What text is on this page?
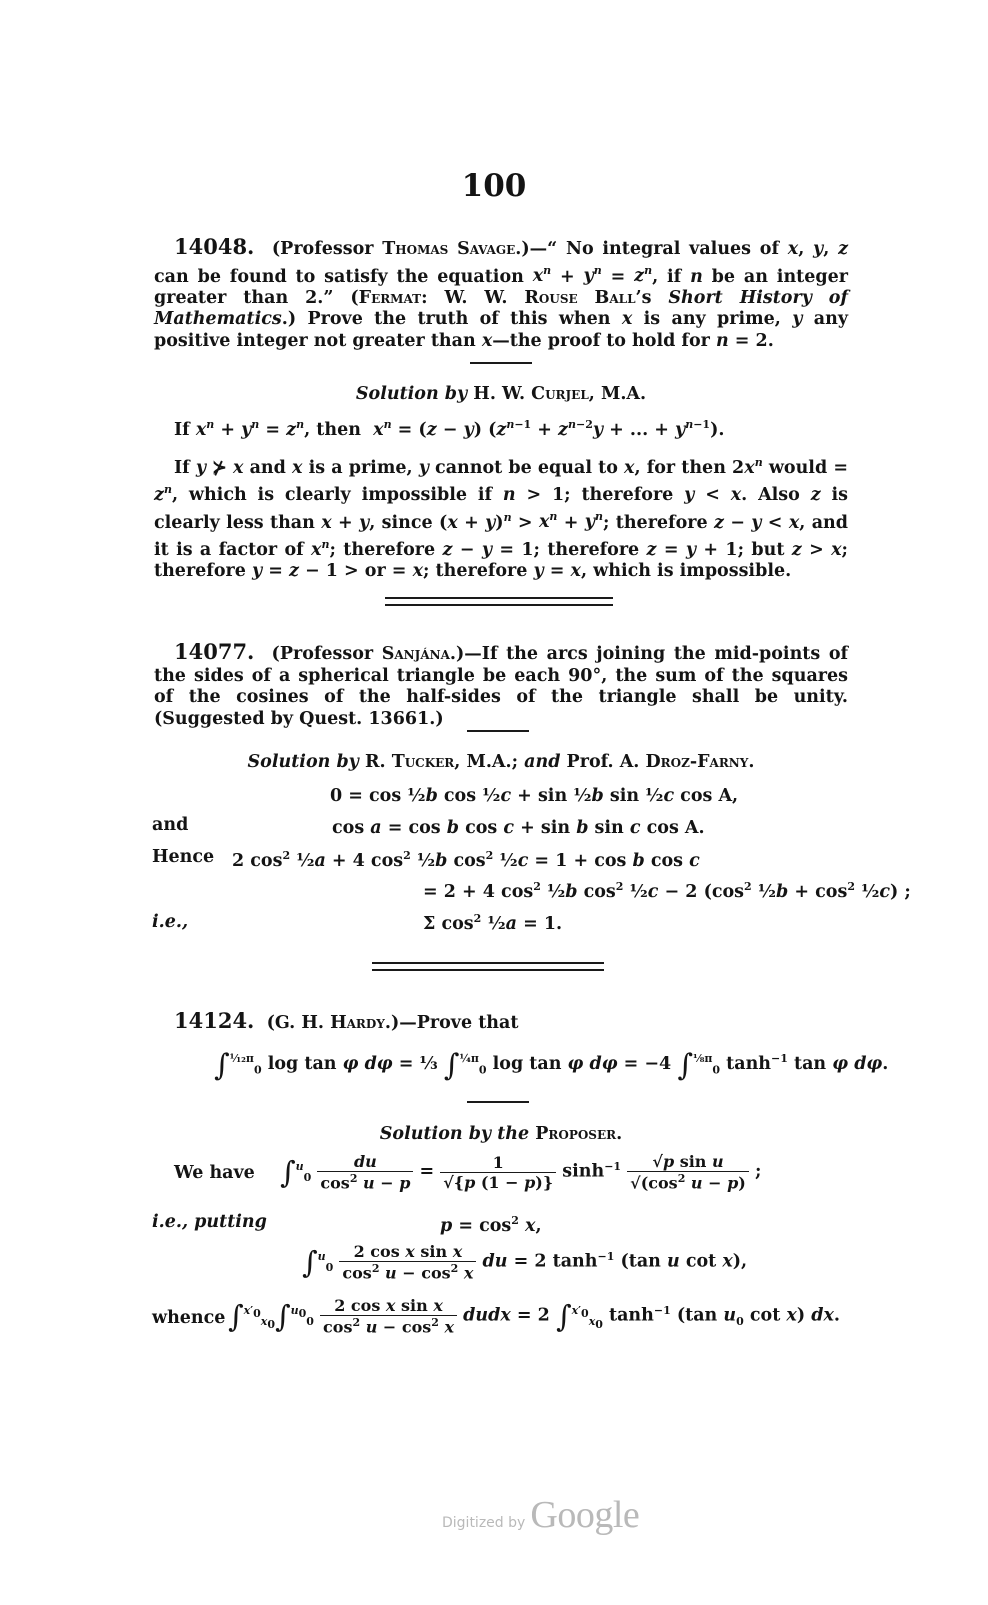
100

14048. (Professor Thomas Savage.)—“ No integral values of x, y, z can be found to satisfy the equation $x^n + y^n = z^n$, if n be an integer greater than 2.” (Fermat: W. W. Rouse Ball’s Short History of Mathematics.) Prove the truth of this when x is any prime, y any positive integer not greater than x—the proof to hold for n = 2.

Solution by H. W. Curjel, M.A.
If $x^n + y^n = z^n$, then  $x^n = (z - y) (z^{n-1} + z^{n-2}y$ + ... + $y^{n-1}$).

If y ⊁ x and x is a prime, y cannot be equal to x, for then $2x^n$ would = $z^n$, which is clearly impossible if n > 1; therefore y < x. Also z is clearly less than x + y, since $(x + y)^n > x^n + y^n$; therefore z − y < x, and it is a factor of $x^n$; therefore z − y = 1; therefore z = y + 1; but z > x; therefore y = z − 1 > or = x; therefore y = x, which is impossible.

14077. (Professor Sanjána.)—If the arcs joining the mid-points of the sides of a spherical triangle be each 90°, the sum of the squares of the cosines of the half-sides of the triangle shall be unity. (Suggested by Quest. 13661.)

Solution by R. Tucker, M.A.; and Prof. A. Droz-Farny.
0 = cos ½b cos ½c + sin ½b sin ½c cos A,
and	cos a = cos b cos c + sin b sin c cos A.
Hence 2 $\cos^2$ ½a + 4 $\cos^2$ ½b $\cos^2$ ½c = 1 + cos b cos c
= 2 + 4 $\cos^2$ ½b $\cos^2$ ½c − 2 ($\cos^2$ ½b + $\cos^2$ ½c) ;
i.e.,	Σ $\cos^2$ ½a = 1.
14124. (G. H. Hardy.)—Prove that
∫$^{^1⁄_{12}\pi}_0$ log tan φ dφ = ⅓ ∫$^{\frac{1}{4}\pi}_0$ log tan φ dφ = −4 ∫$^{\frac{1}{8}\pi}_0$ $\tanh^{-1} \tan \varphi$ dφ.
Solution by the Proposer.
We have $\int^u_0 \frac{du}{\cos^2 u - p} = \frac{1}{√\{p (1 - p)\}} \sinh^{-1} \frac{\text{√p sin u}}{√(\cos^2 u - p)}$ ;
i.e., putting	$p = \cos^2 x$,
$\int^u_0 \frac{\text{2 cos x sin x}}{\cos^2 u - \cos^2 x}$ du = 2 $\tanh^{-1} (\tan$ u cot x),
whence $\int^{x'_0}_{x_0}\int^{u_0}_0 \frac{\text{2 cos x sin x}}{\cos^2 u - \cos^2 x}$ dudx = 2 ∫$^{x'_0}_{x_0}$ $\tanh^{-1} (\tan$ $u_0$ cot x) dx.
Digitized by Google
